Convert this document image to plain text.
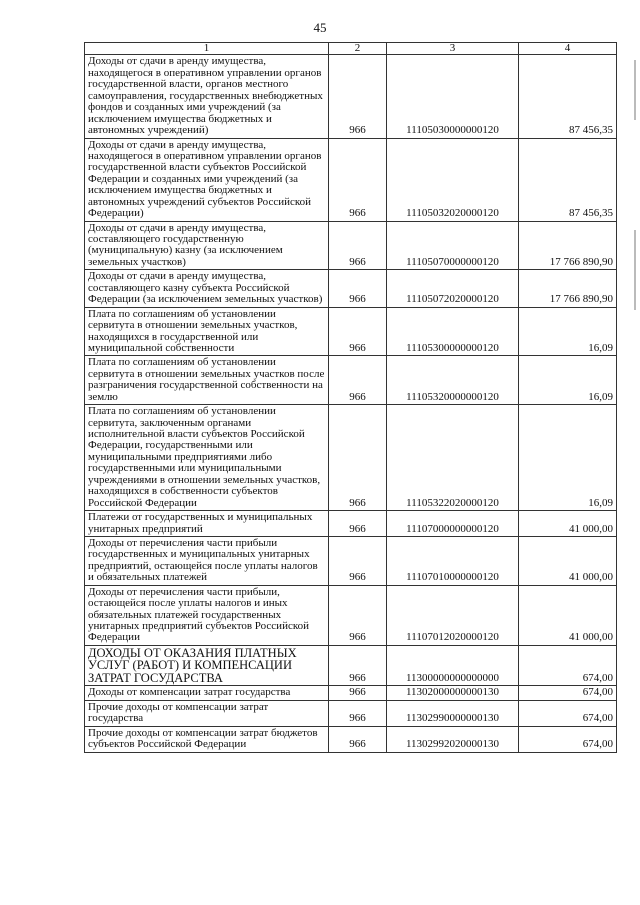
45
1	2	3	4
Доходы от сдачи в аренду имущества, находящегося в оперативном управлении органов государственной власти, органов местного самоуправления, государственных внебюджетных фондов и созданных ими учреждений (за исключением имущества бюджетных и автономных учреждений)	966	11105030000000120	87 456,35
Доходы от сдачи в аренду имущества, находящегося в оперативном управлении органов государственной власти субъектов Российской Федерации и созданных ими учреждений (за исключением имущества бюджетных и автономных учреждений субъектов Российской Федерации)	966	11105032020000120	87 456,35
Доходы от сдачи в аренду имущества, составляющего государственную (муниципальную) казну (за исключением земельных участков)	966	11105070000000120	17 766 890,90
Доходы от сдачи в аренду имущества, составляющего казну субъекта Российской Федерации (за исключением земельных участков)	966	11105072020000120	17 766 890,90
Плата по соглашениям об установлении сервитута в отношении земельных участков, находящихся в государственной или муниципальной собственности	966	11105300000000120	16,09
Плата по соглашениям об установлении сервитута в отношении земельных участков после разграничения государственной собственности на землю	966	11105320000000120	16,09
Плата по соглашениям об установлении сервитута, заключенным органами исполнительной власти субъектов Российской Федерации, государственными или муниципальными предприятиями либо государственными или муниципальными учреждениями в отношении земельных участков, находящихся в собственности субъектов Российской Федерации	966	11105322020000120	16,09
Платежи от государственных и муниципальных унитарных предприятий	966	11107000000000120	41 000,00
Доходы от перечисления части прибыли государственных и муниципальных унитарных предприятий, остающейся после уплаты налогов и обязательных платежей	966	11107010000000120	41 000,00
Доходы от перечисления части прибыли, остающейся после уплаты налогов и иных обязательных платежей государственных унитарных предприятий субъектов Российской Федерации	966	11107012020000120	41 000,00
ДОХОДЫ ОТ ОКАЗАНИЯ ПЛАТНЫХ УСЛУГ (РАБОТ) И КОМПЕНСАЦИИ ЗАТРАТ ГОСУДАРСТВА	966	11300000000000000	674,00
Доходы от компенсации затрат государства	966	11302000000000130	674,00
Прочие доходы от компенсации затрат государства	966	11302990000000130	674,00
Прочие доходы от компенсации затрат бюджетов субъектов Российской Федерации	966	11302992020000130	674,00
